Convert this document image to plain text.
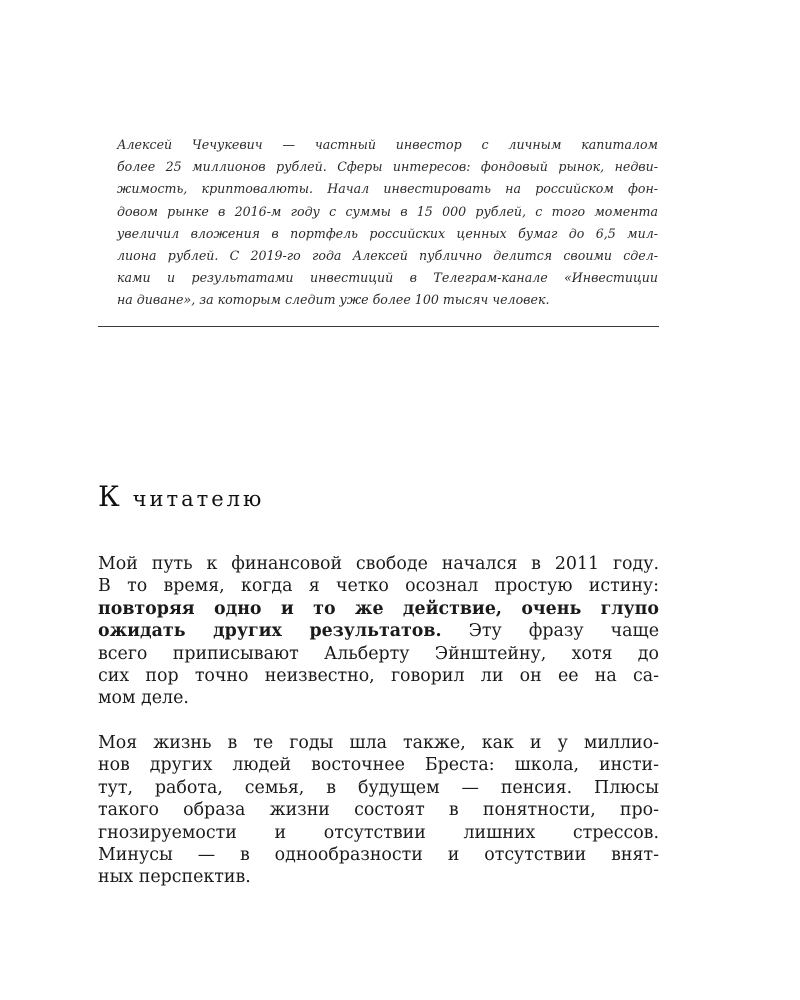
Алексей Чечукевич — частный инвестор с личным капиталом
более 25 миллионов рублей. Сферы интересов: фондовый рынок, недви-
жимость, криптовалюты. Начал инвестировать на российском фон-
довом рынке в 2016-м году с суммы в 15 000 рублей, с того момента
увеличил вложения в портфель российских ценных бумаг до 6,5 мил-
лиона рублей. С 2019-го года Алексей публично делится своими сдел-
ками и результатами инвестиций в Телеграм-канале «Инвестиции
на диване», за которым следит уже более 100 тысяч человек.
К читателю
Мой путь к финансовой свободе начался в 2011 году.
В то время, когда я четко осознал простую истину:
повторяя одно и то же действие, очень глупо
ожидать других результатов. Эту фразу чаще
всего приписывают Альберту Эйнштейну, хотя до
сих пор точно неизвестно, говорил ли он ее на са-
мом деле.
Моя жизнь в те годы шла также, как и у миллио-
нов других людей восточнее Бреста: школа, инсти-
тут, работа, семья, в будущем — пенсия. Плюсы
такого образа жизни состоят в понятности, про-
гнозируемости и отсутствии лишних стрессов.
Минусы — в однообразности и отсутствии внят-
ных перспектив.
